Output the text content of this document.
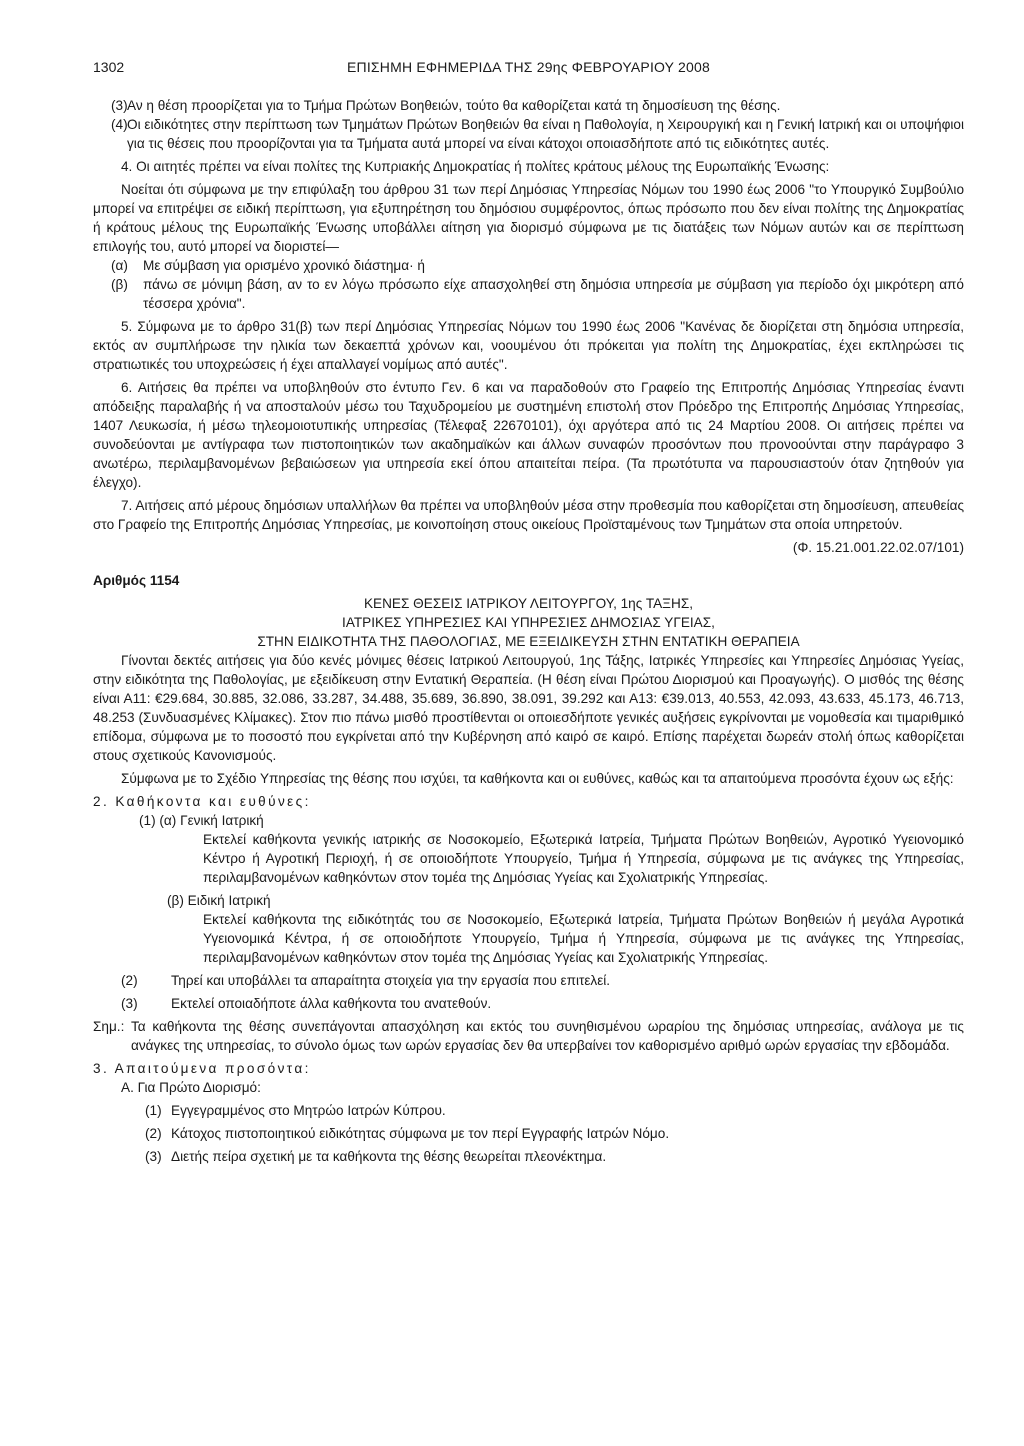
1302	ΕΠΙΣΗΜΗ ΕΦΗΜΕΡΙΔΑ ΤΗΣ 29ης ΦΕΒΡΟΥΑΡΙΟΥ 2008
(3) Αν η θέση προορίζεται για το Τμήμα Πρώτων Βοηθειών, τούτο θα καθορίζεται κατά τη δημοσίευση της θέσης.

(4) Οι ειδικότητες στην περίπτωση των Τμημάτων Πρώτων Βοηθειών θα είναι η Παθολογία, η Χειρουργική και η Γενική Ιατρική και οι υποψήφιοι για τις θέσεις που προορίζονται για τα Τμήματα αυτά μπορεί να είναι κάτοχοι οποιασδήποτε από τις ειδικότητες αυτές.

4. Οι αιτητές πρέπει να είναι πολίτες της Κυπριακής Δημοκρατίας ή πολίτες κράτους μέλους της Ευρωπαϊκής Ένωσης:

Νοείται ότι σύμφωνα με την επιφύλαξη του άρθρου 31 των περί Δημόσιας Υπηρεσίας Νόμων του 1990 έως 2006 "το Υπουργικό Συμβούλιο μπορεί να επιτρέψει σε ειδική περίπτωση, για εξυπηρέτηση του δημόσιου συμφέροντος, όπως πρόσωπο που δεν είναι πολίτης της Δημοκρατίας ή κράτους μέλους της Ευρωπαϊκής Ένωσης υποβάλλει αίτηση για διορισμό σύμφωνα με τις διατάξεις των Νόμων αυτών και σε περίπτωση επιλογής του, αυτό μπορεί να διοριστεί—

(α) Με σύμβαση για ορισμένο χρονικό διάστημα· ή

(β) πάνω σε μόνιμη βάση, αν το εν λόγω πρόσωπο είχε απασχοληθεί στη δημόσια υπηρεσία με σύμβαση για περίοδο όχι μικρότερη από τέσσερα χρόνια".

5. Σύμφωνα με το άρθρο 31(β) των περί Δημόσιας Υπηρεσίας Νόμων του 1990 έως 2006 "Κανένας δε διορίζεται στη δημόσια υπηρεσία, εκτός αν συμπλήρωσε την ηλικία των δεκαεπτά χρόνων και, νοουμένου ότι πρόκειται για πολίτη της Δημοκρατίας, έχει εκπληρώσει τις στρατιωτικές του υποχρεώσεις ή έχει απαλλαγεί νομίμως από αυτές".

6. Αιτήσεις θα πρέπει να υποβληθούν στο έντυπο Γεν. 6 και να παραδοθούν στο Γραφείο της Επιτροπής Δημόσιας Υπηρεσίας έναντι απόδειξης παραλαβής ή να αποσταλούν μέσω του Ταχυδρομείου με συστημένη επιστολή στον Πρόεδρο της Επιτροπής Δημόσιας Υπηρεσίας, 1407 Λευκωσία, ή μέσω τηλεομοιοτυπικής υπηρεσίας (Τέλεφαξ 22670101), όχι αργότερα από τις 24 Μαρτίου 2008. Οι αιτήσεις πρέπει να συνοδεύονται με αντίγραφα των πιστοποιητικών των ακαδημαϊκών και άλλων συναφών προσόντων που προνοούνται στην παράγραφο 3 ανωτέρω, περιλαμβανομένων βεβαιώσεων για υπηρεσία εκεί όπου απαιτείται πείρα. (Τα πρωτότυπα να παρουσιαστούν όταν ζητηθούν για έλεγχο).

7. Αιτήσεις από μέρους δημόσιων υπαλλήλων θα πρέπει να υποβληθούν μέσα στην προθεσμία που καθορίζεται στη δημοσίευση, απευθείας στο Γραφείο της Επιτροπής Δημόσιας Υπηρεσίας, με κοινοποίηση στους οικείους Προϊσταμένους των Τμημάτων στα οποία υπηρετούν.

(Φ. 15.21.001.22.02.07/101)

Αριθμός 1154

ΚΕΝΕΣ ΘΕΣΕΙΣ ΙΑΤΡΙΚΟΥ ΛΕΙΤΟΥΡΓΟΥ, 1ης ΤΑΞΗΣ,

ΙΑΤΡΙΚΕΣ ΥΠΗΡΕΣΙΕΣ ΚΑΙ ΥΠΗΡΕΣΙΕΣ ΔΗΜΟΣΙΑΣ ΥΓΕΙΑΣ,

ΣΤΗΝ ΕΙΔΙΚΟΤΗΤΑ ΤΗΣ ΠΑΘΟΛΟΓΙΑΣ, ΜΕ ΕΞΕΙΔΙΚΕΥΣΗ ΣΤΗΝ ΕΝΤΑΤΙΚΗ ΘΕΡΑΠΕΙΑ

Γίνονται δεκτές αιτήσεις για δύο κενές μόνιμες θέσεις Ιατρικού Λειτουργού, 1ης Τάξης, Ιατρικές Υπηρεσίες και Υπηρεσίες Δημόσιας Υγείας, στην ειδικότητα της Παθολογίας, με εξειδίκευση στην Εντατική Θεραπεία. (Η θέση είναι Πρώτου Διορισμού και Προαγωγής). Ο μισθός της θέσης είναι Α11: €29.684, 30.885, 32.086, 33.287, 34.488, 35.689, 36.890, 38.091, 39.292 και Α13: €39.013, 40.553, 42.093, 43.633, 45.173, 46.713, 48.253 (Συνδυασμένες Κλίμακες). Στον πιο πάνω μισθό προστίθενται οι οποιεσδήποτε γενικές αυξήσεις εγκρίνονται με νομοθεσία και τιμαριθμικό επίδομα, σύμφωνα με το ποσοστό που εγκρίνεται από την Κυβέρνηση από καιρό σε καιρό. Επίσης παρέχεται δωρεάν στολή όπως καθορίζεται στους σχετικούς Κανονισμούς.

Σύμφωνα με το Σχέδιο Υπηρεσίας της θέσης που ισχύει, τα καθήκοντα και οι ευθύνες, καθώς και τα απαιτούμενα προσόντα έχουν ως εξής:

2. Καθήκοντα και ευθύνες:

(1) (α) Γενική Ιατρική

Εκτελεί καθήκοντα γενικής ιατρικής σε Νοσοκομείο, Εξωτερικά Ιατρεία, Τμήματα Πρώτων Βοηθειών, Αγροτικό Υγειονομικό Κέντρο ή Αγροτική Περιοχή, ή σε οποιοδήποτε Υπουργείο, Τμήμα ή Υπηρεσία, σύμφωνα με τις ανάγκες της Υπηρεσίας, περιλαμβανομένων καθηκόντων στον τομέα της Δημόσιας Υγείας και Σχολιατρικής Υπηρεσίας.

(β) Ειδική Ιατρική

Εκτελεί καθήκοντα της ειδικότητάς του σε Νοσοκομείο, Εξωτερικά Ιατρεία, Τμήματα Πρώτων Βοηθειών ή μεγάλα Αγροτικά Υγειονομικά Κέντρα, ή σε οποιοδήποτε Υπουργείο, Τμήμα ή Υπηρεσία, σύμφωνα με τις ανάγκες της Υπηρεσίας, περιλαμβανομένων καθηκόντων στον τομέα της Δημόσιας Υγείας και Σχολιατρικής Υπηρεσίας.

(2) Τηρεί και υποβάλλει τα απαραίτητα στοιχεία για την εργασία που επιτελεί.

(3) Εκτελεί οποιαδήποτε άλλα καθήκοντα του ανατεθούν.

Σημ.: Τα καθήκοντα της θέσης συνεπάγονται απασχόληση και εκτός του συνηθισμένου ωραρίου της δημόσιας υπηρεσίας, ανάλογα με τις ανάγκες της υπηρεσίας, το σύνολο όμως των ωρών εργασίας δεν θα υπερβαίνει τον καθορισμένο αριθμό ωρών εργασίας την εβδομάδα.

3. Απαιτούμενα προσόντα:

Α. Για Πρώτο Διορισμό:

(1) Εγγεγραμμένος στο Μητρώο Ιατρών Κύπρου.

(2) Κάτοχος πιστοποιητικού ειδικότητας σύμφωνα με τον περί Εγγραφής Ιατρών Νόμο.

(3) Διετής πείρα σχετική με τα καθήκοντα της θέσης θεωρείται πλεονέκτημα.
